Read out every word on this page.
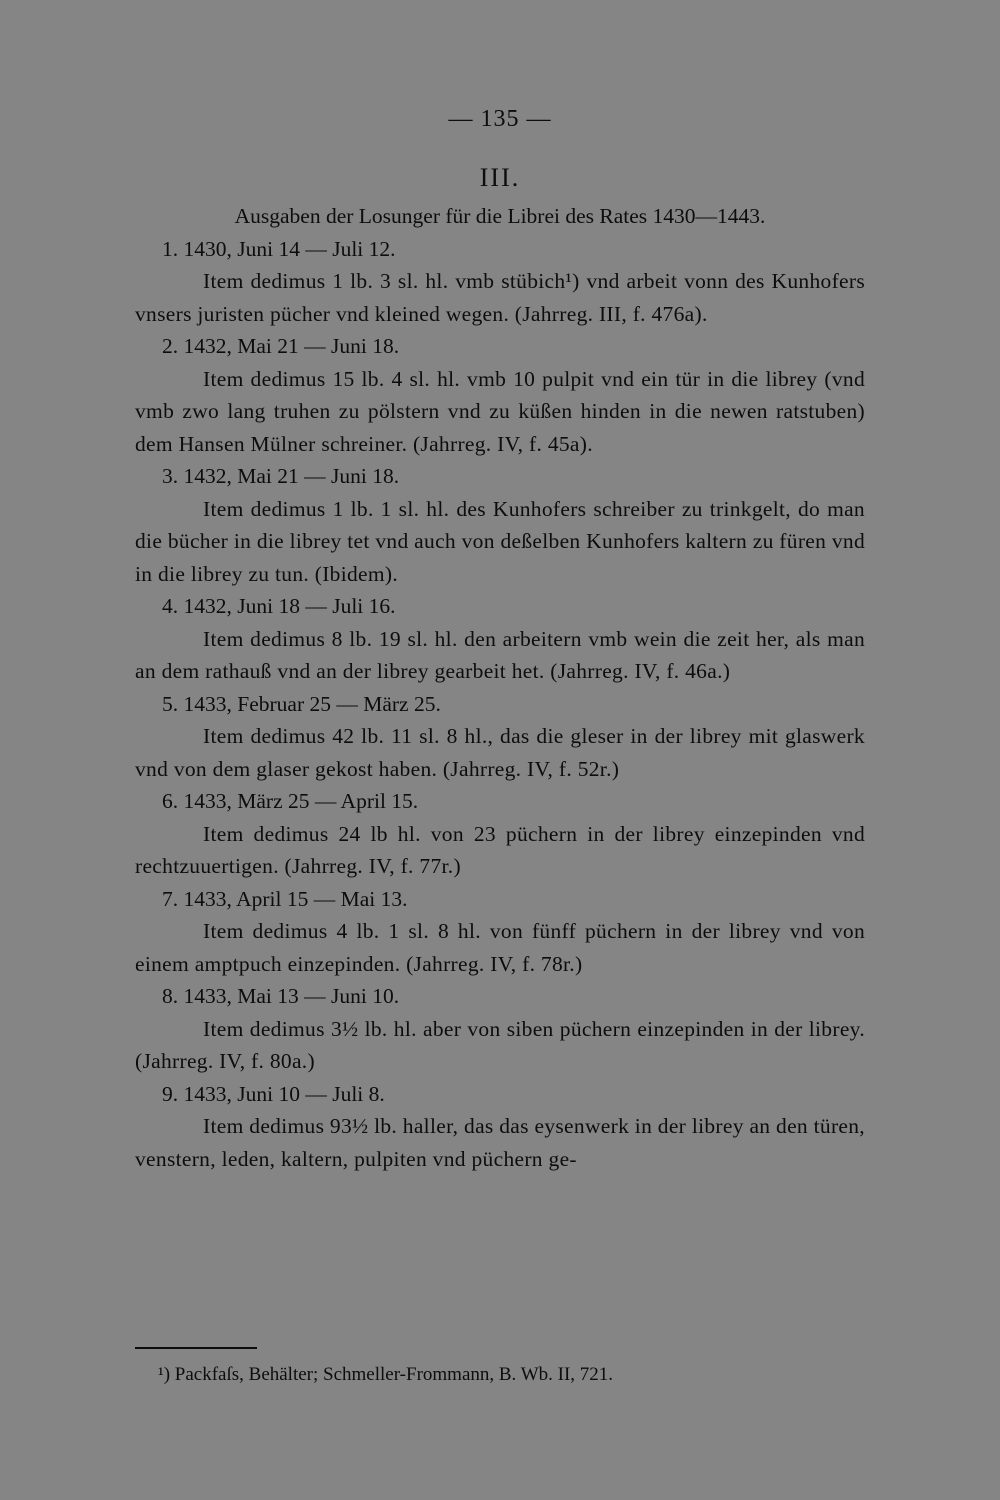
— 135 —
III.
Ausgaben der Losunger für die Librei des Rates 1430—1443.
1. 1430, Juni 14 — Juli 12.
Item dedimus 1 lb. 3 sl. hl. vmb stübich¹) vnd arbeit vonn des Kunhofers vnsers juristen pücher vnd kleined wegen. (Jahrreg. III, f. 476a).
2. 1432, Mai 21 — Juni 18.
Item dedimus 15 lb. 4 sl. hl. vmb 10 pulpit vnd ein tür in die librey (vnd vmb zwo lang truhen zu pölstern vnd zu küßen hinden in die newen ratstuben) dem Hansen Mülner schreiner. (Jahrreg. IV, f. 45a).
3. 1432, Mai 21 — Juni 18.
Item dedimus 1 lb. 1 sl. hl. des Kunhofers schreiber zu trinkgelt, do man die bücher in die librey tet vnd auch von deßelben Kunhofers kaltern zu füren vnd in die librey zu tun. (Ibidem).
4. 1432, Juni 18 — Juli 16.
Item dedimus 8 lb. 19 sl. hl. den arbeitern vmb wein die zeit her, als man an dem rathauß vnd an der librey gearbeit het. (Jahrreg. IV, f. 46a.)
5. 1433, Februar 25 — März 25.
Item dedimus 42 lb. 11 sl. 8 hl., das die gleser in der librey mit glaswerk vnd von dem glaser gekost haben. (Jahrreg. IV, f. 52r.)
6. 1433, März 25 — April 15.
Item dedimus 24 lb hl. von 23 püchern in der librey einzepinden vnd rechtzuuertigen. (Jahrreg. IV, f. 77r.)
7. 1433, April 15 — Mai 13.
Item dedimus 4 lb. 1 sl. 8 hl. von fünff püchern in der librey vnd von einem amptpuch einzepinden. (Jahrreg. IV, f. 78r.)
8. 1433, Mai 13 — Juni 10.
Item dedimus 3½ lb. hl. aber von siben püchern einzepinden in der librey. (Jahrreg. IV, f. 80a.)
9. 1433, Juni 10 — Juli 8.
Item dedimus 93½ lb. haller, das das eysenwerk in der librey an den türen, venstern, leden, kaltern, pulpiten vnd püchern ge-
¹) Packfaſs, Behälter; Schmeller-Frommann, B. Wb. II, 721.
